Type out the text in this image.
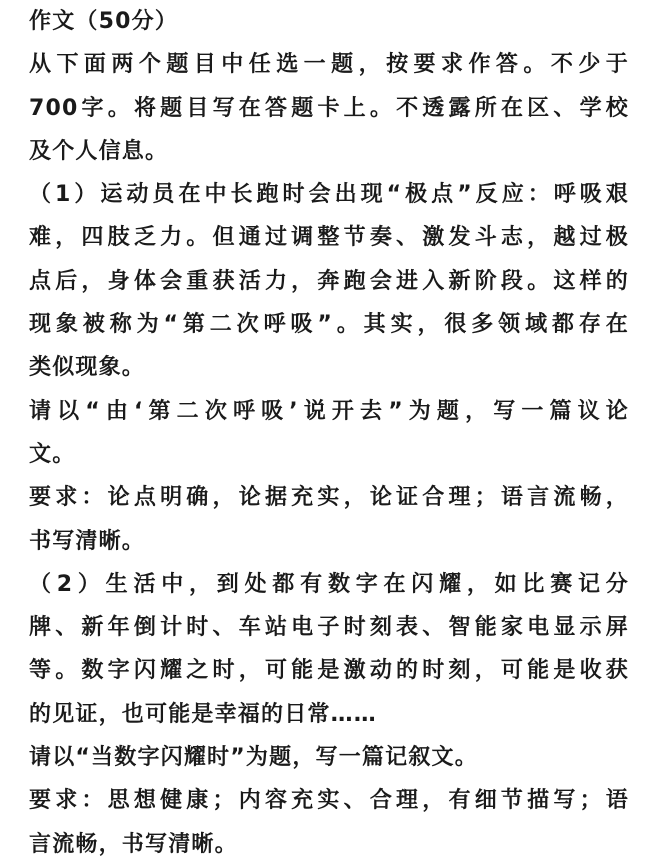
作文（50分）
从下面两个题目中任选一题，按要求作答。不少于
700字。将题目写在答题卡上。不透露所在区、学校
及个人信息。
（1）运动员在中长跑时会出现“极点”反应：呼吸艰
难，四肢乏力。但通过调整节奏、激发斗志，越过极
点后，身体会重获活力，奔跑会进入新阶段。这样的
现象被称为“第二次呼吸”。其实，很多领域都存在
类似现象。
请以“由‘第二次呼吸’说开去”为题，写一篇议论
文。
要求：论点明确，论据充实，论证合理；语言流畅，
书写清晰。
（2）生活中，到处都有数字在闪耀，如比赛记分
牌、新年倒计时、车站电子时刻表、智能家电显示屏
等。数字闪耀之时，可能是激动的时刻，可能是收获
的见证，也可能是幸福的日常……
请以“当数字闪耀时”为题，写一篇记叙文。
要求：思想健康；内容充实、合理，有细节描写；语
言流畅，书写清晰。
